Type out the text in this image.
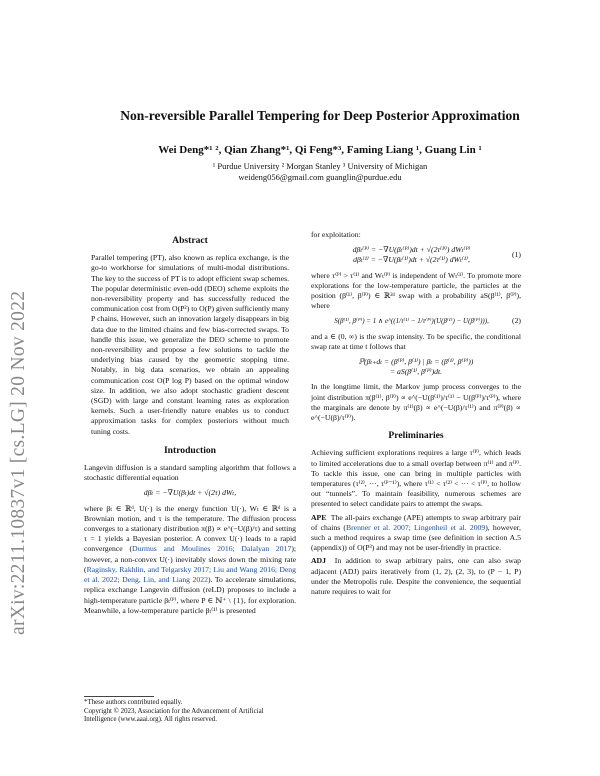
arXiv:2211.10837v1 [cs.LG] 20 Nov 2022
Non-reversible Parallel Tempering for Deep Posterior Approximation
Wei Deng*¹ ², Qian Zhang*¹, Qi Feng*³, Faming Liang ¹, Guang Lin ¹
¹ Purdue University ² Morgan Stanley ³ University of Michigan
weideng056@gmail.com guanglin@purdue.edu
Abstract

Parallel tempering (PT), also known as replica exchange, is the go-to workhorse for simulations of multi-modal distributions. The key to the success of PT is to adopt efficient swap schemes. The popular deterministic even-odd (DEO) scheme exploits the non-reversibility property and has successfully reduced the communication cost from O(P²) to O(P) given sufficiently many P chains. However, such an innovation largely disappears in big data due to the limited chains and few bias-corrected swaps. To handle this issue, we generalize the DEO scheme to promote non-reversibility and propose a few solutions to tackle the underlying bias caused by the geometric stopping time. Notably, in big data scenarios, we obtain an appealing communication cost O(P log P) based on the optimal window size. In addition, we also adopt stochastic gradient descent (SGD) with large and constant learning rates as exploration kernels. Such a user-friendly nature enables us to conduct approximation tasks for complex posteriors without much tuning costs.

Introduction

Langevin diffusion is a standard sampling algorithm that follows a stochastic differential equation

dβₜ = −∇U(βₜ)dt + √(2τ) dWₜ,

where βₜ ∈ ℝᵈ, U(·) is the energy function U(·), Wₜ ∈ ℝᵈ is a Brownian motion, and τ is the temperature. The diffusion process converges to a stationary distribution π(β) ∝ e^(−U(β)/τ) and setting τ = 1 yields a Bayesian posterior. A convex U(·) leads to a rapid convergence (Durmus and Moulines 2016; Dalalyan 2017); however, a non-convex U(·) inevitably slows down the mixing rate (Raginsky, Rakhlin, and Telgarsky 2017; Liu and Wang 2016; Deng et al. 2022; Deng, Lin, and Liang 2022). To accelerate simulations, replica exchange Langevin diffusion (reLD) proposes to include a high-temperature particle βₜ⁽ᴾ⁾, where P ∈ ℕ⁺ \ {1}, for exploration. Meanwhile, a low-temperature particle βₜ⁽¹⁾ is presented

*These authors contributed equally.
Copyright © 2023, Association for the Advancement of Artificial Intelligence (www.aaai.org). All rights reserved.

for exploitation:

dβₜ⁽ᴾ⁾ = −∇U(βₜ⁽ᴾ⁾)dt + √(2τ⁽ᴾ⁾) dWₜ⁽ᴾ⁾
dβₜ⁽¹⁾ = −∇U(βₜ⁽¹⁾)dt + √(2τ⁽¹⁾) dWₜ⁽¹⁾,
(1)

where τ⁽ᴾ⁾ > τ⁽¹⁾ and Wₜ⁽ᴾ⁾ is independent of Wₜ⁽¹⁾. To promote more explorations for the low-temperature particle, the particles at the position (β⁽¹⁾, β⁽ᴾ⁾) ∈ ℝ²ᵈ swap with a probability aS(β⁽¹⁾, β⁽ᴾ⁾), where

S(β⁽¹⁾, β⁽ᴾ⁾) = 1 ∧ e^((1/τ⁽¹⁾ − 1/τ⁽ᴾ⁾)(U(β⁽¹⁾) − U(β⁽ᴾ⁾))),	(2)

and a ∈ (0, ∞) is the swap intensity. To be specific, the conditional swap rate at time t follows that

ℙ(βₜ₊dₜ = (β⁽ᴾ⁾, β⁽¹⁾) | βₜ = (β⁽¹⁾, β⁽ᴾ⁾))
= aS(β⁽¹⁾, β⁽ᴾ⁾)dt.

In the longtime limit, the Markov jump process converges to the joint distribution π(β⁽¹⁾, β⁽ᴾ⁾) ∝ e^(−U(β⁽¹⁾)/τ⁽¹⁾ − U(β⁽ᴾ⁾)/τ⁽ᴾ⁾), where the marginals are denote by π⁽¹⁾(β) ∝ e^(−U(β)/τ⁽¹⁾) and π⁽ᴾ⁾(β) ∝ e^(−U(β)/τ⁽ᴾ⁾).

Preliminaries

Achieving sufficient explorations requires a large τ⁽ᴾ⁾, which leads to limited accelerations due to a small overlap between π⁽¹⁾ and π⁽ᴾ⁾. To tackle this issue, one can bring in multiple particles with temperatures (τ⁽²⁾, ···, τ⁽ᴾ⁻¹⁾), where τ⁽¹⁾ < τ⁽²⁾ < ··· < τ⁽ᴾ⁾, to hollow out “tunnels”. To maintain feasibility, numerous schemes are presented to select candidate pairs to attempt the swaps.

APE The all-pairs exchange (APE) attempts to swap arbitrary pair of chains (Brenner et al. 2007; Lingenheil et al. 2009), however, such a method requires a swap time (see definition in section A.5 (appendix)) of O(P³) and may not be user-friendly in practice.

ADJ In addition to swap arbitrary pairs, one can also swap adjacent (ADJ) pairs iteratively from (1, 2), (2, 3), to (P − 1, P) under the Metropolis rule. Despite the convenience, the sequential nature requires to wait for
